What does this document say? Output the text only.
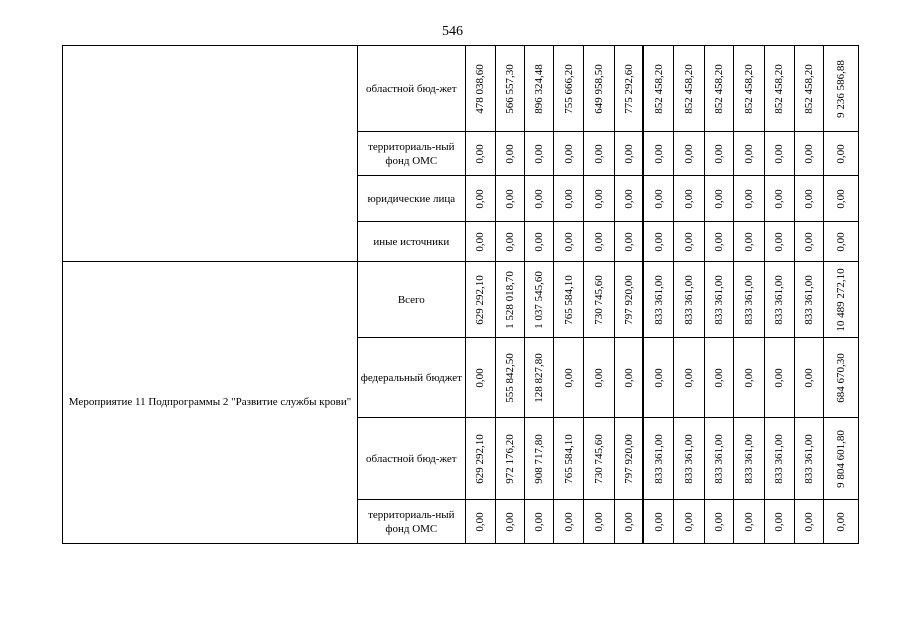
546
	областной бюд-жет	478 038,60	566 557,30	896 324,48	755 666,20	649 958,50	775 292,60	852 458,20	852 458,20	852 458,20	852 458,20	852 458,20	852 458,20	9 236 586,88

	территориаль-ный фонд ОМС	0,00	0,00	0,00	0,00	0,00	0,00	0,00	0,00	0,00	0,00	0,00	0,00	0,00

	юридические лица	0,00	0,00	0,00	0,00	0,00	0,00	0,00	0,00	0,00	0,00	0,00	0,00	0,00

	иные источники	0,00	0,00	0,00	0,00	0,00	0,00	0,00	0,00	0,00	0,00	0,00	0,00	0,00

Мероприятие 11 Подпрограммы 2 "Развитие службы крови"	Всего	629 292,10	1 528 018,70	1 037 545,60	765 584,10	730 745,60	797 920,00	833 361,00	833 361,00	833 361,00	833 361,00	833 361,00	833 361,00	10 489 272,10

	федеральный бюджет	0,00	555 842,50	128 827,80	0,00	0,00	0,00	0,00	0,00	0,00	0,00	0,00	0,00	684 670,30

	областной бюд-жет	629 292,10	972 176,20	908 717,80	765 584,10	730 745,60	797 920,00	833 361,00	833 361,00	833 361,00	833 361,00	833 361,00	833 361,00	9 804 601,80

	территориаль-ный фонд ОМС	0,00	0,00	0,00	0,00	0,00	0,00	0,00	0,00	0,00	0,00	0,00	0,00	0,00
